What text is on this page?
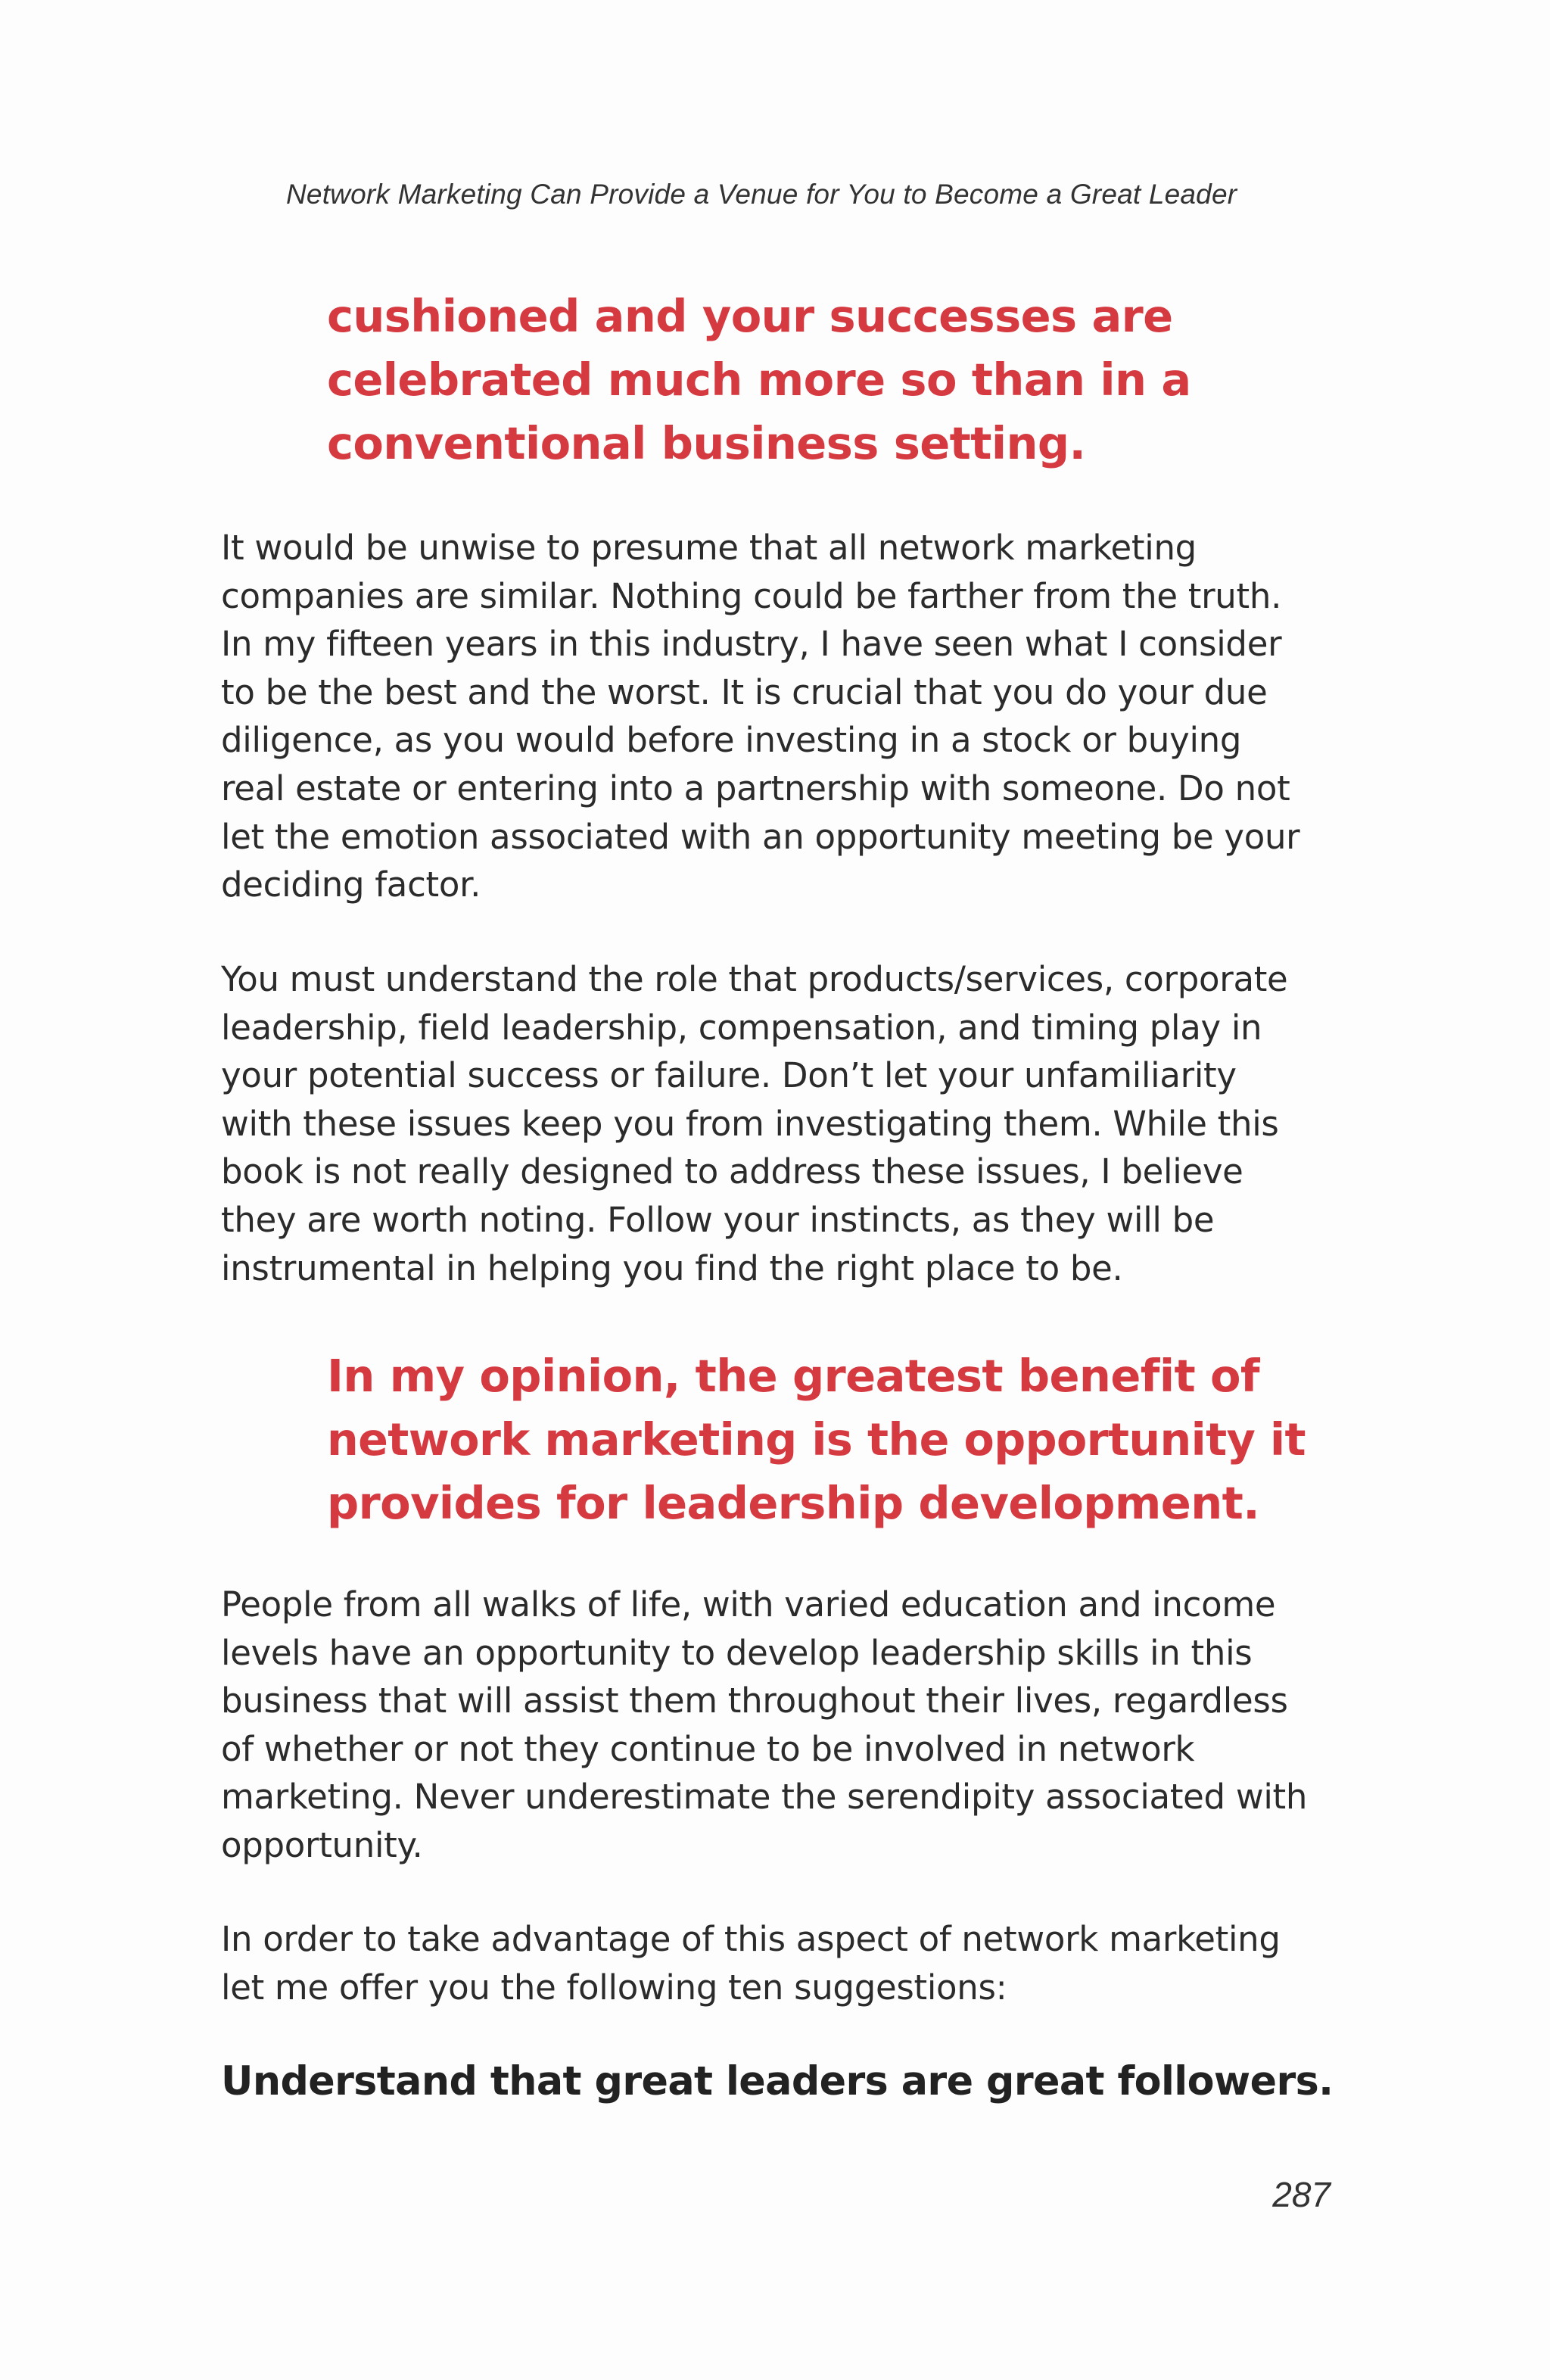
Network Marketing Can Provide a Venue for You to Become a Great Leader
cushioned and your successes are
celebrated much more so than in a
conventional business setting.
It would be unwise to presume that all network marketing
companies are similar. Nothing could be farther from the truth.
In my fifteen years in this industry, I have seen what I consider
to be the best and the worst. It is crucial that you do your due
diligence, as you would before investing in a stock or buying
real estate or entering into a partnership with someone. Do not
let the emotion associated with an opportunity meeting be your
deciding factor.
You must understand the role that products/services, corporate
leadership, field leadership, compensation, and timing play in
your potential success or failure. Don’t let your unfamiliarity
with these issues keep you from investigating them. While this
book is not really designed to address these issues, I believe
they are worth noting. Follow your instincts, as they will be
instrumental in helping you find the right place to be.
In my opinion, the greatest benefit of
network marketing is the opportunity it
provides for leadership development.
People from all walks of life, with varied education and income
levels have an opportunity to develop leadership skills in this
business that will assist them throughout their lives, regardless
of whether or not they continue to be involved in network
marketing. Never underestimate the serendipity associated with
opportunity.
In order to take advantage of this aspect of network marketing
let me offer you the following ten suggestions:
Understand that great leaders are great followers.
287
